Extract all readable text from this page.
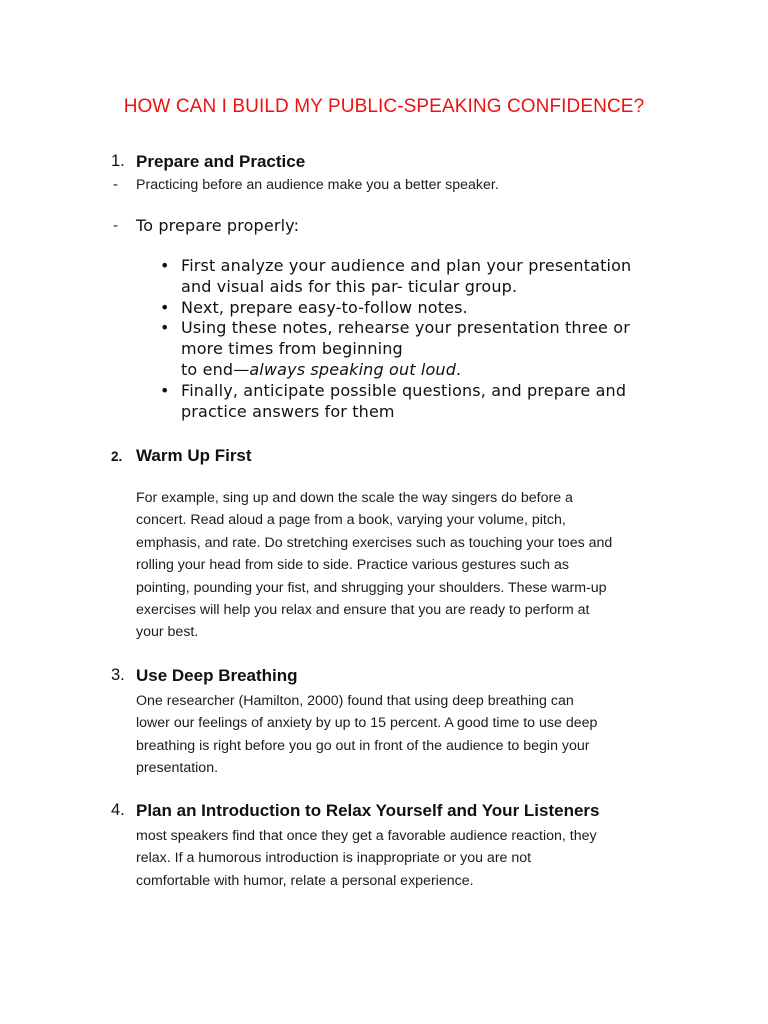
HOW CAN I BUILD MY PUBLIC-SPEAKING CONFIDENCE?
1. Prepare and Practice
- Practicing before an audience make you a better speaker.
- To prepare properly:
• First analyze your audience and plan your presentation
and visual aids for this par- ticular group.
• Next, prepare easy-to-follow notes.
• Using these notes, rehearse your presentation three or
more times from beginning
to end—always speaking out loud.
• Finally, anticipate possible questions, and prepare and
practice answers for them
2. Warm Up First
For example, sing up and down the scale the way singers do before a
concert. Read aloud a page from a book, varying your volume, pitch,
emphasis, and rate. Do stretching exercises such as touching your toes and
rolling your head from side to side. Practice various gestures such as
pointing, pounding your fist, and shrugging your shoulders. These warm-up
exercises will help you relax and ensure that you are ready to perform at
your best.
3. Use Deep Breathing
One researcher (Hamilton, 2000) found that using deep breathing can
lower our feelings of anxiety by up to 15 percent. A good time to use deep
breathing is right before you go out in front of the audience to begin your
presentation.
4. Plan an Introduction to Relax Yourself and Your Listeners
most speakers find that once they get a favorable audience reaction, they
relax. If a humorous introduction is inappropriate or you are not
comfortable with humor, relate a personal experience.
